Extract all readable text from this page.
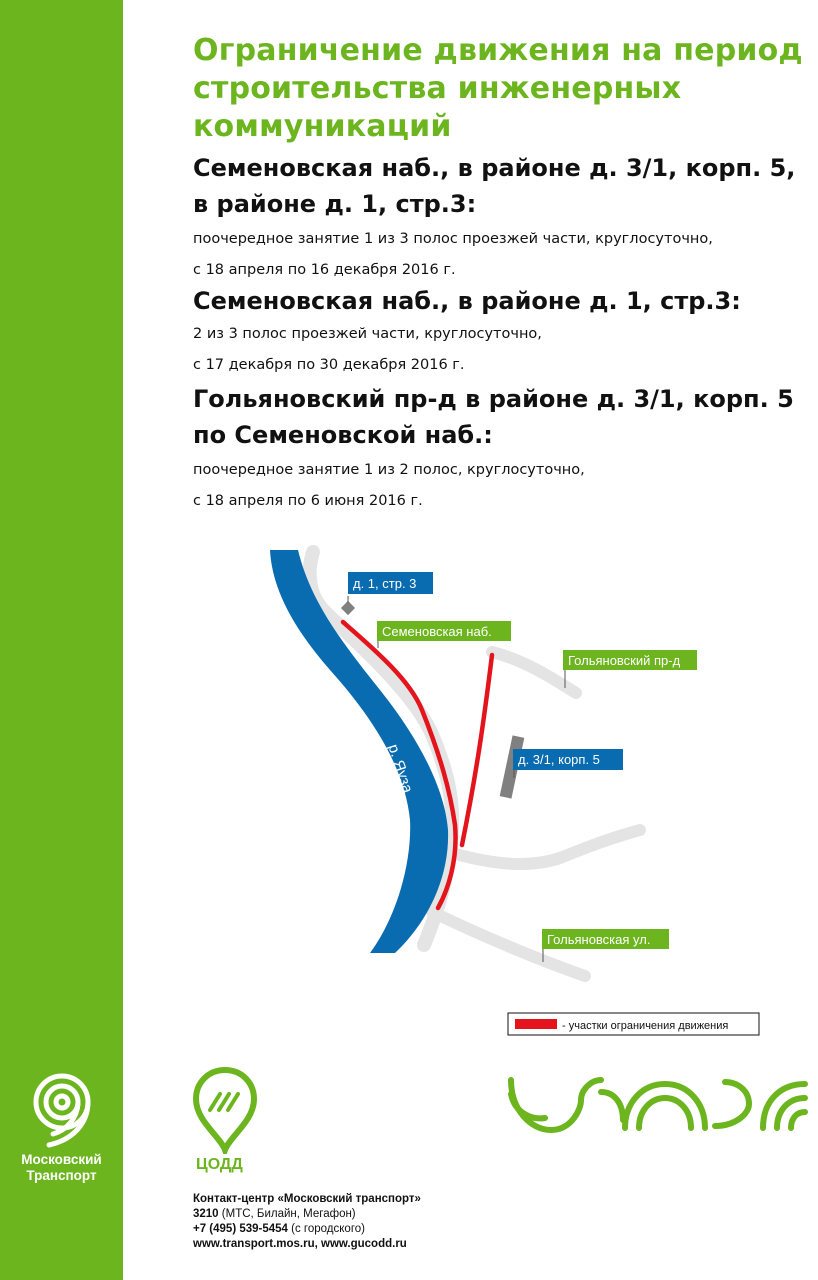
Ограничение движения на период строительства инженерных коммуникаций
Семеновская наб., в районе д. 3/1, корп. 5, в районе д. 1, стр.3:

поочередное занятие 1 из 3 полос проезжей части, круглосуточно,

с 18 апреля по 16 декабря 2016 г.

Семеновская наб., в районе д. 1, стр.3:

2 из 3 полос проезжей части, круглосуточно,

с 17 декабря по 30 декабря 2016 г.

Гольяновский пр-д в районе д. 3/1, корп. 5 по Семеновской наб.:

поочередное занятие 1 из 2 полос, круглосуточно,

с 18 апреля по 6 июня 2016 г.

р. Яуза
д. 1, стр. 3
Семеновская наб.
Гольяновский пр-д
д. 3/1, корп. 5
Гольяновская ул.
- участки ограничения движения
Московский
Транспорт
ЦОДД
Контакт-центр «Московский транспорт»
3210 (МТС, Билайн, Мегафон)
+7 (495) 539-5454 (с городского)
www.transport.mos.ru, www.gucodd.ru
